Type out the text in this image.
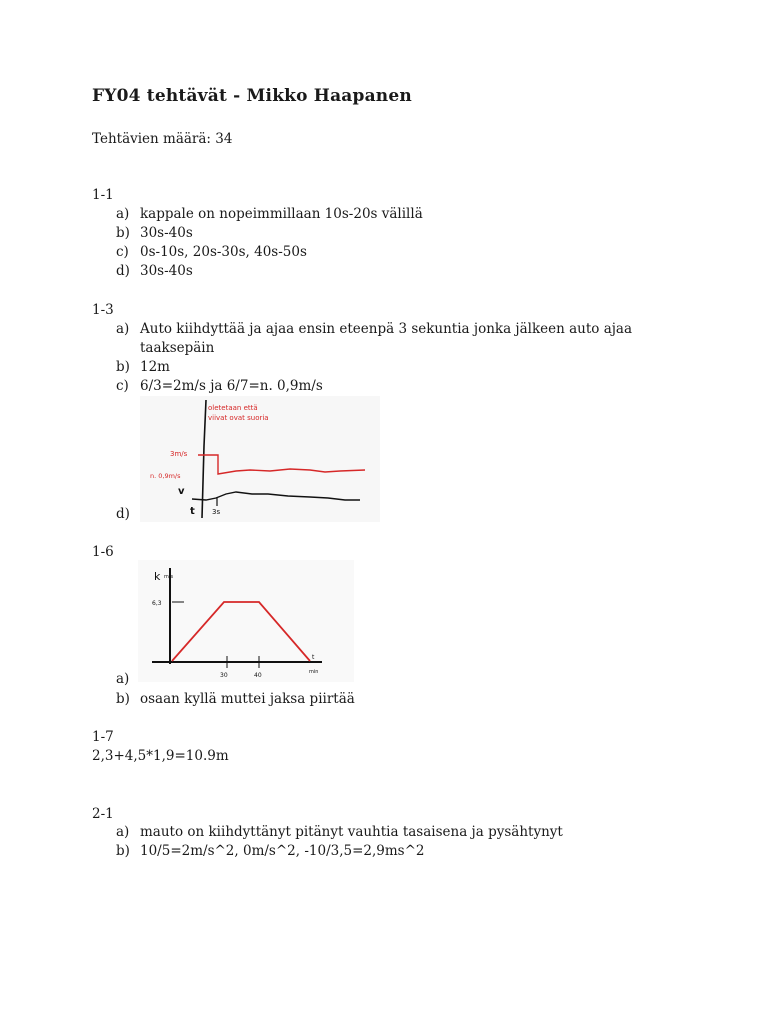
FY04 tehtävät - Mikko Haapanen
Tehtävien määrä: 34
1-1
a) kappale on nopeimmillaan 10s-20s välillä
b) 30s-40s
c) 0s-10s, 20s-30s, 40s-50s
d) 30s-40s
1-3
a) Auto kiihdyttää ja ajaa ensin eteenpä 3 sekuntia jonka jälkeen auto ajaa
taaksepäin
b) 12m
c) 6/3=2m/s ja 6/7=n. 0,9m/s
oletetaan että
viivat ovat suoria
3m/s
n. 0,9m/s
v
t 3s
d)
1-6
k m/s
6,3
30	40
t
min
a)
b) osaan kyllä muttei jaksa piirtää
1-7
2,3+4,5*1,9=10.9m
2-1
a) mauto on kiihdyttänyt pitänyt vauhtia tasaisena ja pysähtynyt
b) 10/5=2m/s^2, 0m/s^2, -10/3,5=2,9ms^2
